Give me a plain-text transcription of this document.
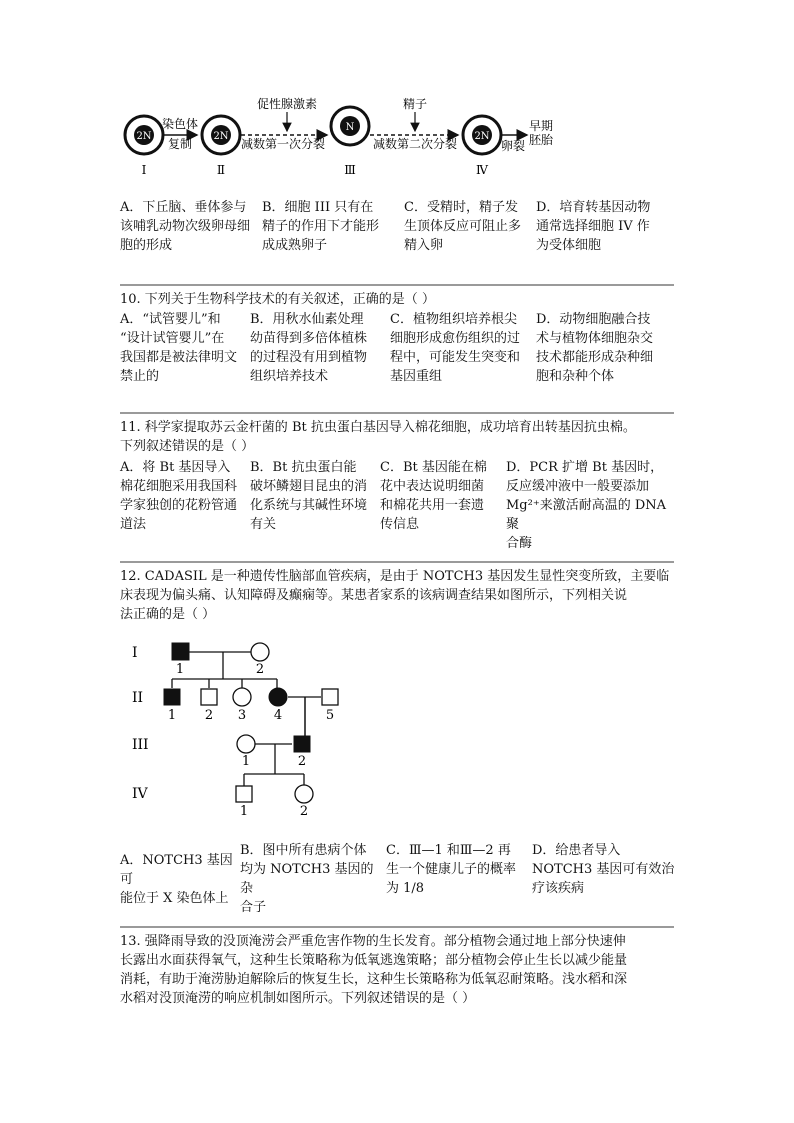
2N
Ⅰ
染色体
复制
2N
Ⅱ
促性腺激素
减数第一次分裂
N
Ⅲ
精子
减数第二次分裂
2N
Ⅳ
卵裂
早期
胚胎
A．下丘脑、垂体参与
该哺乳动物次级卵母细
胞的形成
B．细胞 III 只有在
精子的作用下才能形
成成熟卵子
C．受精时，精子发
生顶体反应可阻止多
精入卵
D．培育转基因动物
通常选择细胞 IV 作
为受体细胞
10. 下列关于生物科学技术的有关叙述，正确的是（ ）
A．“试管婴儿”和
“设计试管婴儿”在
我国都是被法律明文
禁止的
B．用秋水仙素处理
幼苗得到多倍体植株
的过程没有用到植物
组织培养技术
C．植物组织培养根尖
细胞形成愈伤组织的过
程中，可能发生突变和
基因重组
D．动物细胞融合技
术与植物体细胞杂交
技术都能形成杂种细
胞和杂种个体
11. 科学家提取苏云金杆菌的 Bt 抗虫蛋白基因导入棉花细胞，成功培育出转基因抗虫棉。
下列叙述错误的是（ ）
A．将 Bt 基因导入
棉花细胞采用我国科
学家独创的花粉管通
道法
B．Bt 抗虫蛋白能
破坏鳞翅目昆虫的消
化系统与其碱性环境
有关
C．Bt 基因能在棉
花中表达说明细菌
和棉花共用一套遗
传信息
D．PCR 扩增 Bt 基因时，
反应缓冲液中一般要添加
Mg²⁺来激活耐高温的 DNA 聚
合酶
12. CADASIL 是一种遗传性脑部血管疾病，是由于 NOTCH3 基因发生显性突变所致，主要临
床表现为偏头痛、认知障碍及癫痫等。某患者家系的该病调查结果如图所示，下列相关说
法正确的是（ ）
I
II
III
IV
1	2
1 2 3 4	5
1	2
1	2
A．NOTCH3 基因可
能位于 X 染色体上
B．图中所有患病个体
均为 NOTCH3 基因的杂
合子
C．Ⅲ—1 和Ⅲ—2 再
生一个健康儿子的概率
为 1/8
D．给患者导入
NOTCH3 基因可有效治
疗该疾病
13. 强降雨导致的没顶淹涝会严重危害作物的生长发育。部分植物会通过地上部分快速伸
长露出水面获得氧气，这种生长策略称为低氧逃逸策略；部分植物会停止生长以减少能量
消耗，有助于淹涝胁迫解除后的恢复生长，这种生长策略称为低氧忍耐策略。浅水稻和深
水稻对没顶淹涝的响应机制如图所示。下列叙述错误的是（ ）
